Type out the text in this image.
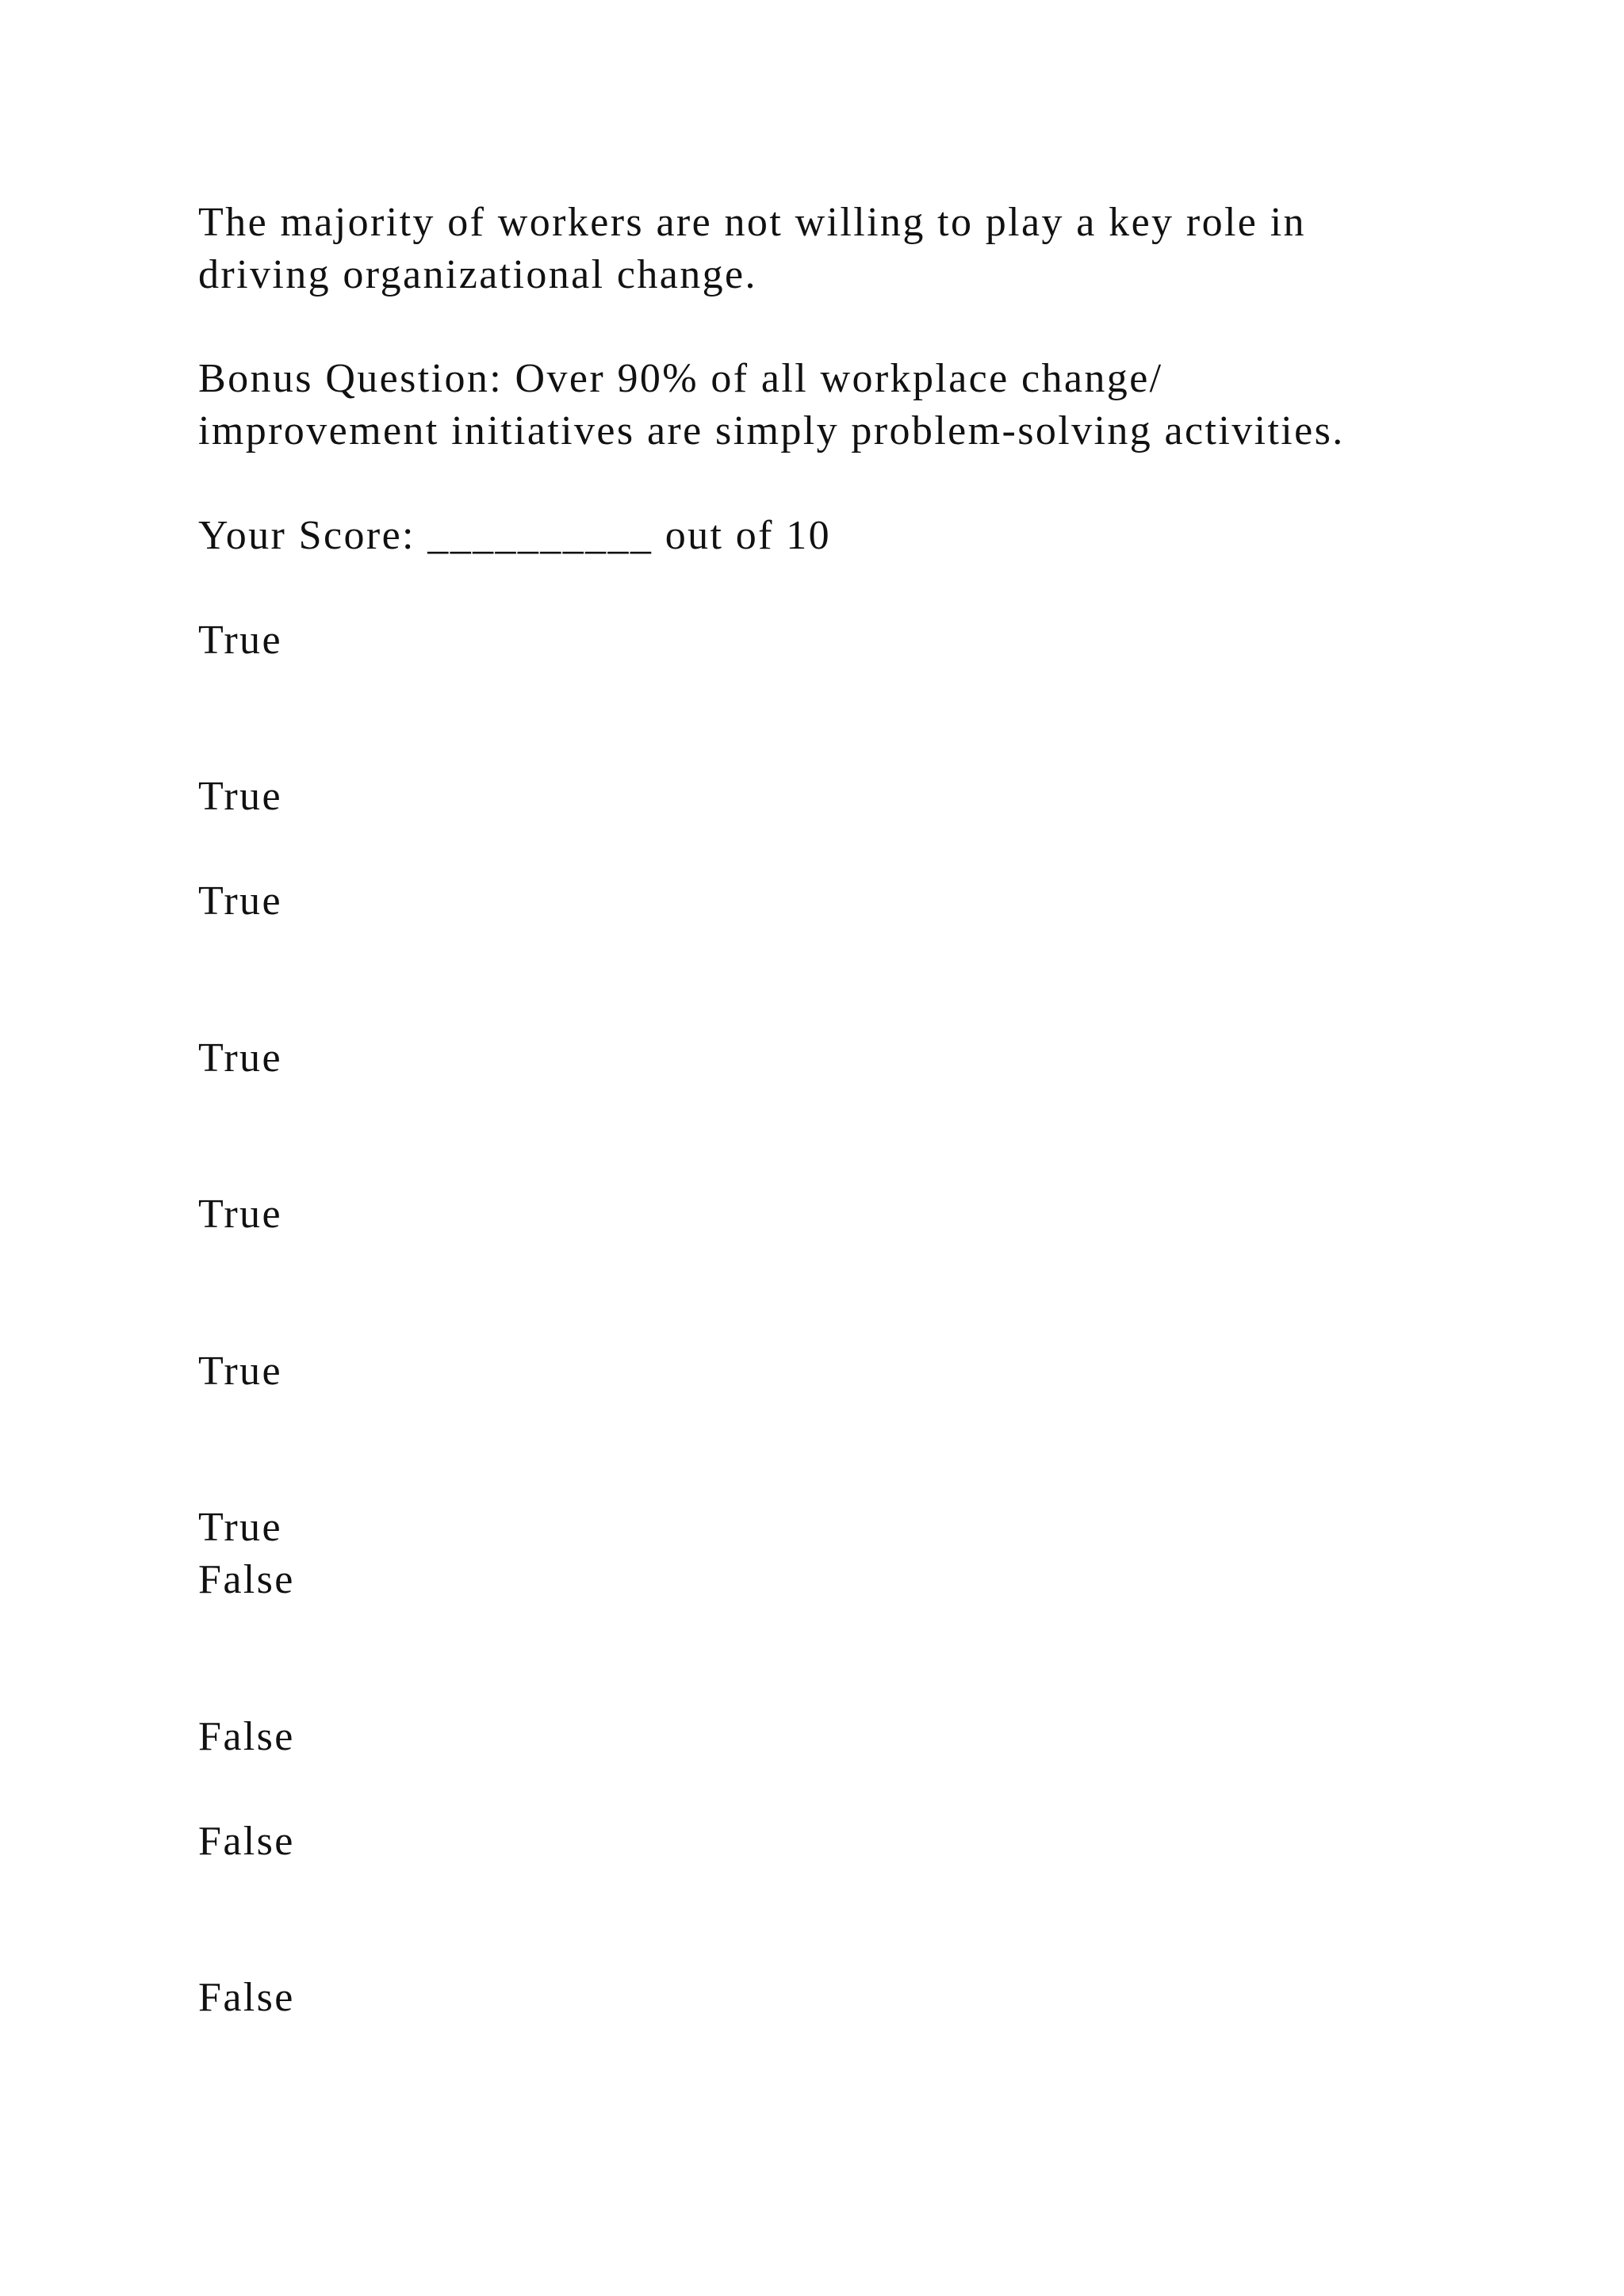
The majority of workers are not willing to play a key role in

driving organizational change.

Bonus Question: Over 90% of all workplace change/

improvement initiatives are simply problem-solving activities.

Your Score: __________ out of 10

True

True

True

True

True

True

True

False

False

False

False
